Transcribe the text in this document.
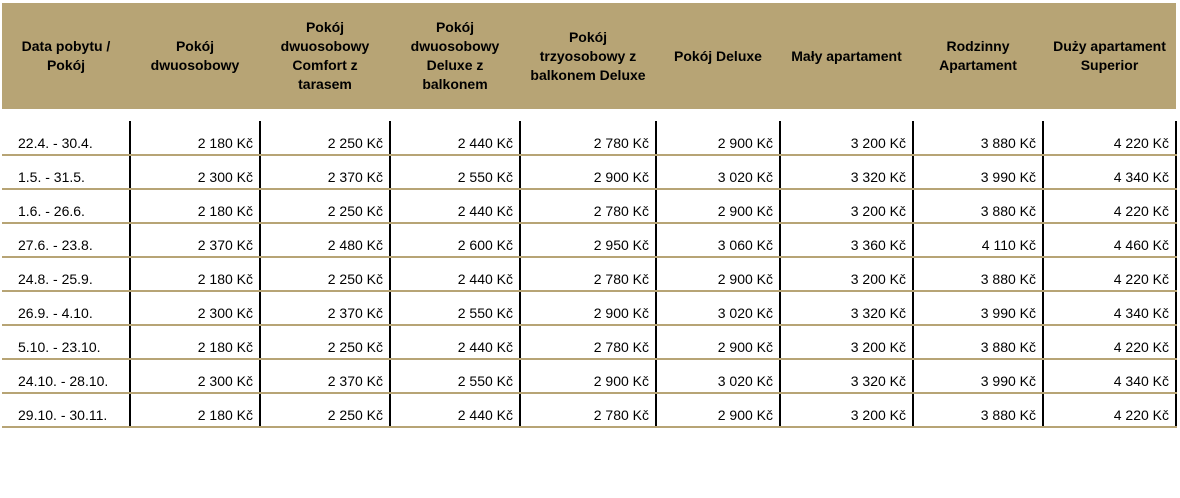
Data pobytu / Pokój	Pokój dwuosobowy	Pokój dwuosobowy Comfort z tarasem	Pokój dwuosobowy Deluxe z balkonem	Pokój trzyosobowy z balkonem Deluxe	Pokój Deluxe	Mały apartament	Rodzinny Apartament	Duży apartament Superior

22.4. - 30.4.	2 180 Kč	2 250 Kč	2 440 Kč	2 780 Kč	2 900 Kč	3 200 Kč	3 880 Kč	4 220 Kč
1.5. - 31.5.	2 300 Kč	2 370 Kč	2 550 Kč	2 900 Kč	3 020 Kč	3 320 Kč	3 990 Kč	4 340 Kč
1.6. - 26.6.	2 180 Kč	2 250 Kč	2 440 Kč	2 780 Kč	2 900 Kč	3 200 Kč	3 880 Kč	4 220 Kč
27.6. - 23.8.	2 370 Kč	2 480 Kč	2 600 Kč	2 950 Kč	3 060 Kč	3 360 Kč	4 110 Kč	4 460 Kč
24.8. - 25.9.	2 180 Kč	2 250 Kč	2 440 Kč	2 780 Kč	2 900 Kč	3 200 Kč	3 880 Kč	4 220 Kč
26.9. - 4.10.	2 300 Kč	2 370 Kč	2 550 Kč	2 900 Kč	3 020 Kč	3 320 Kč	3 990 Kč	4 340 Kč
5.10. - 23.10.	2 180 Kč	2 250 Kč	2 440 Kč	2 780 Kč	2 900 Kč	3 200 Kč	3 880 Kč	4 220 Kč
24.10. - 28.10.	2 300 Kč	2 370 Kč	2 550 Kč	2 900 Kč	3 020 Kč	3 320 Kč	3 990 Kč	4 340 Kč
29.10. - 30.11.	2 180 Kč	2 250 Kč	2 440 Kč	2 780 Kč	2 900 Kč	3 200 Kč	3 880 Kč	4 220 Kč
